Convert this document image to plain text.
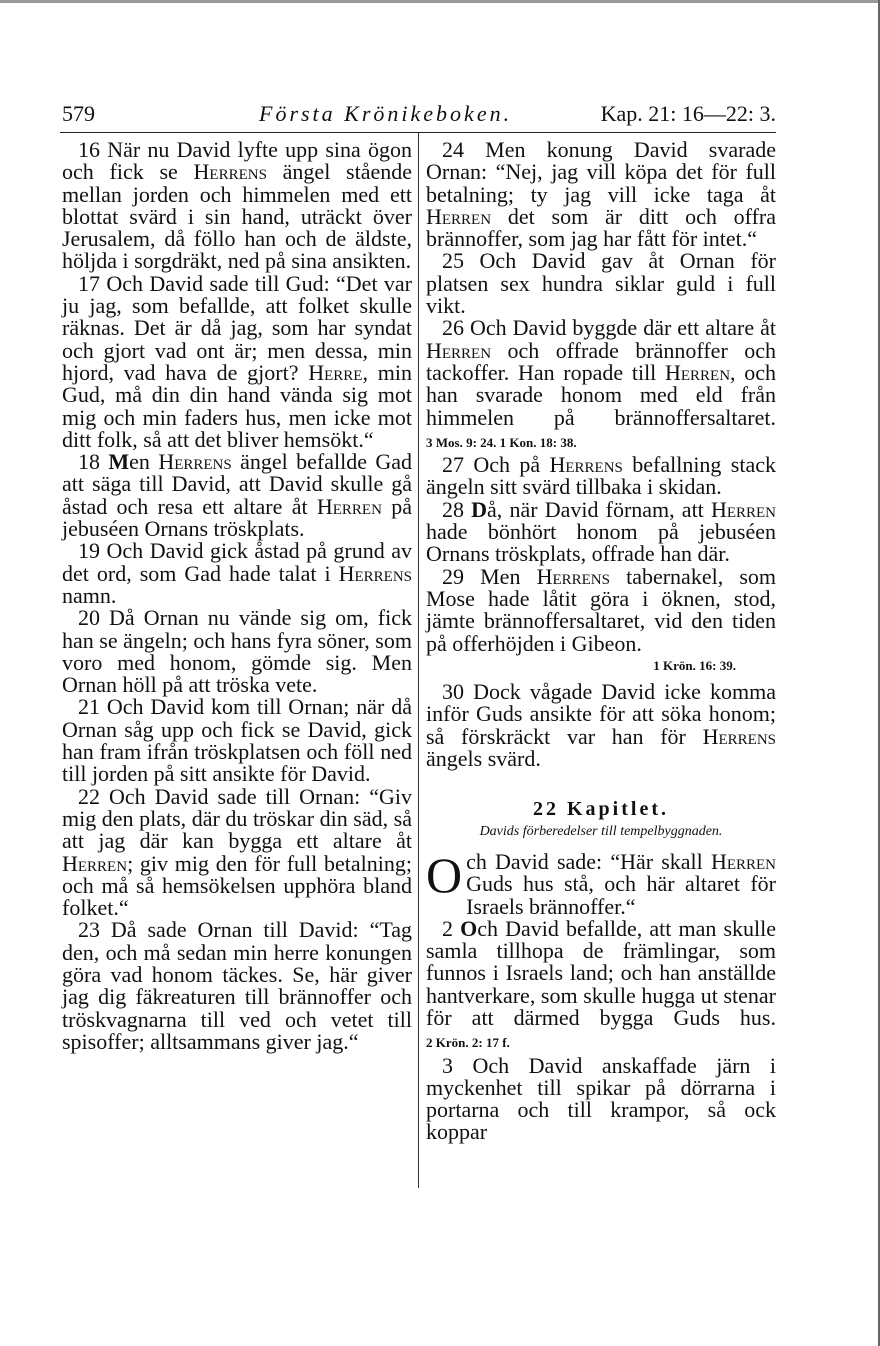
579	Första Krönikeboken.	Kap. 21: 16—22: 3.

16 När nu David lyfte upp sina ögon och fick se Herrens ängel stående mellan jorden och himmelen med ett blottat svärd i sin hand, uträckt över Jerusalem, då föllo han och de äldste, höljda i sorgdräkt, ned på sina ansikten.

17 Och David sade till Gud: “Det var ju jag, som befallde, att folket skulle räknas. Det är då jag, som har syndat och gjort vad ont är; men dessa, min hjord, vad hava de gjort? Herre, min Gud, må din din hand vända sig mot mig och min faders hus, men icke mot ditt folk, så att det bliver hemsökt.“

18 Men Herrens ängel befallde Gad att säga till David, att David skulle gå åstad och resa ett altare åt Herren på jebuséen Ornans tröskplats.

19 Och David gick åstad på grund av det ord, som Gad hade talat i Herrens namn.

20 Då Ornan nu vände sig om, fick han se ängeln; och hans fyra söner, som voro med honom, gömde sig. Men Ornan höll på att tröska vete.

21 Och David kom till Ornan; när då Ornan såg upp och fick se David, gick han fram ifrån tröskplatsen och föll ned till jorden på sitt ansikte för David.

22 Och David sade till Ornan: “Giv mig den plats, där du tröskar din säd, så att jag där kan bygga ett altare åt Herren; giv mig den för full betalning; och må så hemsökelsen upphöra bland folket.“

23 Då sade Ornan till David: “Tag den, och må sedan min herre konungen göra vad honom täckes. Se, här giver jag dig fäkreaturen till brännoffer och tröskvagnarna till ved och vetet till spisoffer; alltsammans giver jag.“

24 Men konung David svarade Ornan: “Nej, jag vill köpa det för full betalning; ty jag vill icke taga åt Herren det som är ditt och offra brännoffer, som jag har fått för intet.“

25 Och David gav åt Ornan för platsen sex hundra siklar guld i full vikt.

26 Och David byggde där ett altare åt Herren och offrade brännoffer och tackoffer. Han ropade till Herren, och han svarade honom med eld från himmelen på brännoffersaltaret. 3 Mos. 9: 24. 1 Kon. 18: 38.

27 Och på Herrens befallning stack ängeln sitt svärd tillbaka i skidan.

28 Då, när David förnam, att Herren hade bönhört honom på jebuséen Ornans tröskplats, offrade han där.

29 Men Herrens tabernakel, som Mose hade låtit göra i öknen, stod, jämte brännoffersaltaret, vid den tiden på offerhöjden i Gibeon.

1 Krön. 16: 39.

30 Dock vågade David icke komma inför Guds ansikte för att söka honom; så förskräckt var han för Herrens ängels svärd.

22 Kapitlet.

Davids förberedelser till tempelbyggnaden.

Och David sade: “Här skall Herren Guds hus stå, och här altaret för Israels brännoffer.“

2 Och David befallde, att man skulle samla tillhopa de främlingar, som funnos i Israels land; och han anställde hantverkare, som skulle hugga ut stenar för att därmed bygga Guds hus. 2 Krön. 2: 17 f.

3 Och David anskaffade järn i myckenhet till spikar på dörrarna i portarna och till krampor, så ock koppar
